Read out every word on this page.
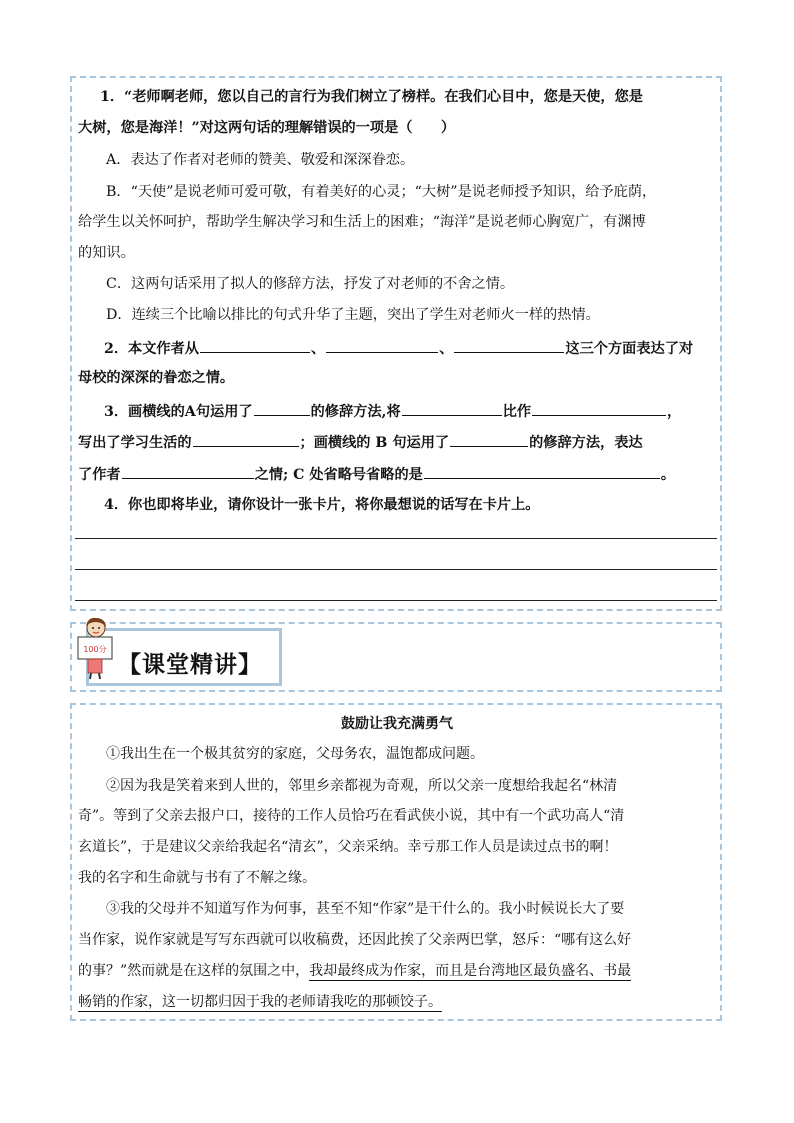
1．“老师啊老师，您以自己的言行为我们树立了榜样。在我们心目中，您是天使，您是
大树，您是海洋！”对这两句话的理解错误的一项是（　　）
A．表达了作者对老师的赞美、敬爱和深深眷恋。
B．“天使”是说老师可爱可敬，有着美好的心灵；“大树”是说老师授予知识，给予庇荫，
给学生以关怀呵护，帮助学生解决学习和生活上的困难；“海洋”是说老师心胸宽广，有渊博
的知识。
C．这两句话采用了拟人的修辞方法，抒发了对老师的不舍之情。
D．连续三个比喻以排比的句式升华了主题，突出了学生对老师火一样的热情。
2．本文作者从	、	、	这三个方面表达了对
母校的深深的眷恋之情。
3．画横线的A句运用了	的修辞方法,将	比作	，
写出了学习生活的	；画横线的 B 句运用了	的修辞方法，表达
了作者	之情; C 处省略号省略的是	。
4．你也即将毕业，请你设计一张卡片，将你最想说的话写在卡片上。
【课堂精讲】
100分
鼓励让我充满勇气
①我出生在一个极其贫穷的家庭，父母务农，温饱都成问题。
②因为我是笑着来到人世的，邻里乡亲都视为奇观，所以父亲一度想给我起名“林清
奇”。等到了父亲去报户口，接待的工作人员恰巧在看武侠小说，其中有一个武功高人“清
玄道长”，于是建议父亲给我起名“清玄”，父亲采纳。幸亏那工作人员是读过点书的啊！
我的名字和生命就与书有了不解之缘。
③我的父母并不知道写作为何事，甚至不知“作家”是干什么的。我小时候说长大了要
当作家，说作家就是写写东西就可以收稿费，还因此挨了父亲两巴掌，怒斥：“哪有这么好
的事？”然而就是在这样的氛围之中，我却最终成为作家，而且是台湾地区最负盛名、书最
畅销的作家，这一切都归因于我的老师请我吃的那顿饺子。
